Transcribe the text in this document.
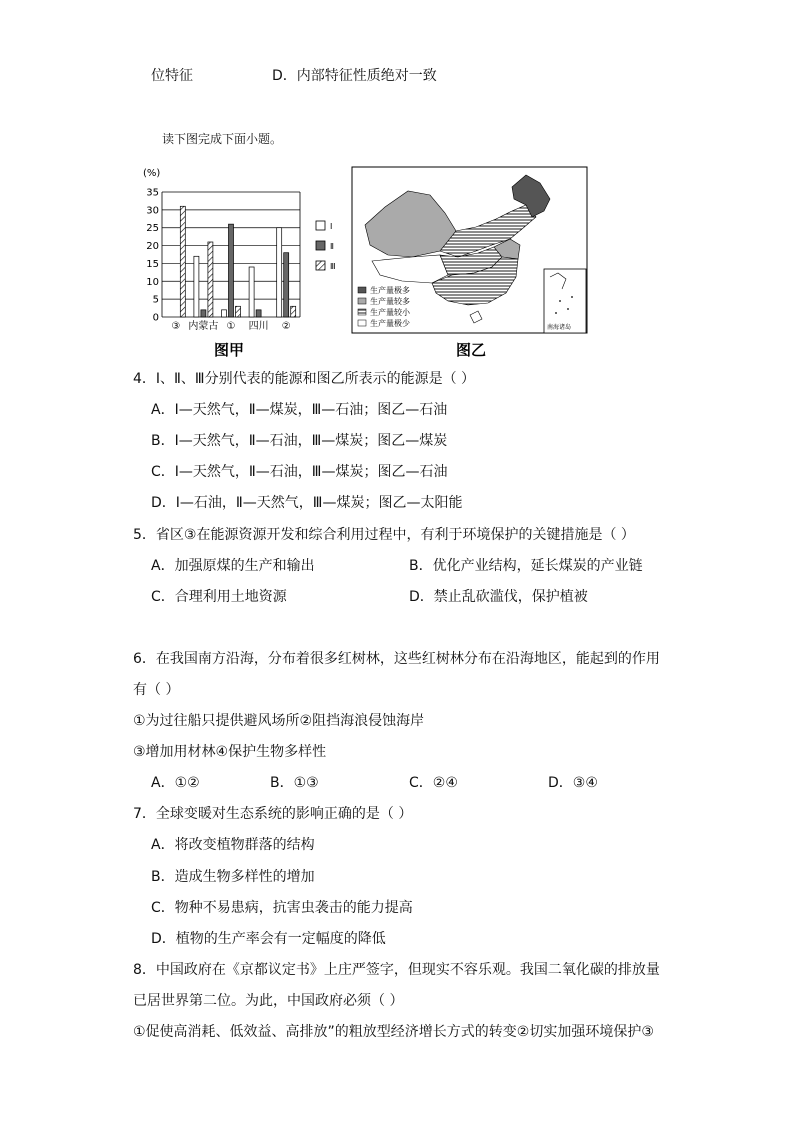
位特征	D．内部特征性质绝对一致
读下图完成下面小题。
(%)
35
30
25
20
15
10
5
0
③ 内蒙古 ① 四川 ②
Ⅰ
Ⅱ
Ⅲ
图甲
南海诸岛
生产量极多
生产量较多
生产量较小
生产量极少
图乙
4．Ⅰ、Ⅱ、Ⅲ分别代表的能源和图乙所表示的能源是（ ）
A．Ⅰ—天然气，Ⅱ—煤炭，Ⅲ—石油；图乙—石油
B．Ⅰ—天然气，Ⅱ—石油，Ⅲ—煤炭；图乙—煤炭
C．Ⅰ—天然气，Ⅱ—石油，Ⅲ—煤炭；图乙—石油
D．Ⅰ—石油，Ⅱ—天然气，Ⅲ—煤炭；图乙—太阳能
5．省区③在能源资源开发和综合利用过程中，有利于环境保护的关键措施是（ ）
A．加强原煤的生产和输出	B．优化产业结构，延长煤炭的产业链
C．合理利用土地资源	D．禁止乱砍滥伐，保护植被
6．在我国南方沿海，分布着很多红树林，这些红树林分布在沿海地区，能起到的作用
有（ ）
①为过往船只提供避风场所②阻挡海浪侵蚀海岸
③增加用材林④保护生物多样性
A．①②	B．①③	C．②④	D．③④
7．全球变暖对生态系统的影响正确的是（ ）
A．将改变植物群落的结构
B．造成生物多样性的增加
C．物种不易患病，抗害虫袭击的能力提高
D．植物的生产率会有一定幅度的降低
8．中国政府在《京都议定书》上庄严签字，但现实不容乐观。我国二氧化碳的排放量
已居世界第二位。为此，中国政府必须（ ）
①促使高消耗、低效益、高排放”的粗放型经济增长方式的转变②切实加强环境保护③
